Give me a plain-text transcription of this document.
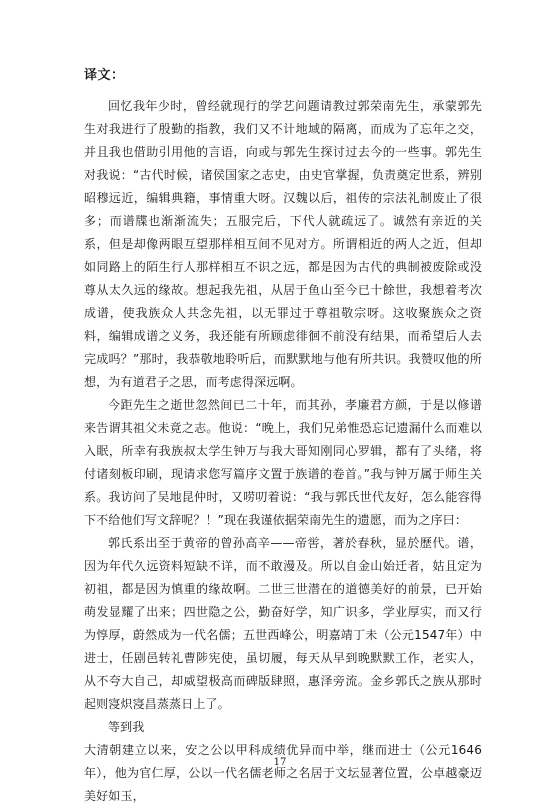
译文：

回忆我年少时，曾经就现行的学艺问题请教过郭荣南先生，承蒙郭先生对我进行了殷勤的指教，我们又不计地域的隔离，而成为了忘年之交，并且我也借助引用他的言语，向或与郭先生探讨过去今的一些事。郭先生对我说：“古代时候，诸侯国家之志史，由史官掌握，负责奠定世系，辨别昭穆远近，编辑典籍，事情重大呀。汉魏以后，祖传的宗法礼制废止了很多；而谱牒也渐渐流失；五服完后，下代人就疏远了。诚然有亲近的关系，但是却像两眼互望那样相互间不见对方。所谓相近的两人之近，但却如同路上的陌生行人那样相互不识之远，都是因为古代的典制被废除或没尊从太久远的缘故。想起我先祖，从居于鱼山至今已十餘世，我想着考次成谱，使我族众人共念先祖，以无罪过于尊祖敬宗呀。这收聚族众之资料，编辑成谱之义务，我还能有所顾虑徘徊不前没有结果，而希望后人去完成吗？”那时，我恭敬地聆听后，而默默地与他有所共识。我赞叹他的所想，为有道君子之思，而考虑得深远啊。

今距先生之逝世忽然间已二十年，而其孙，孝廉君方颜，于是以修谱来告谓其祖父未竟之志。他说：“晚上，我们兄弟惟恐忘记遗漏什么而难以入眠，所幸有我族叔太学生钟万与我大哥知刚同心罗辑，都有了头绪，将付诸刻板印刷，现请求您写篇序文置于族谱的卷首。”我与钟万属于师生关系。我访问了吴地昆仲时，又唠叨着说：“我与郭氏世代友好，怎么能容得下不给他们写文辞呢？！”现在我谨依据荣南先生的遗愿，而为之序曰：

郭氏系出至于黄帝的曾孙高辛——帝喾，著於春秋，显於歷代。谱，因为年代久远资料短缺不详，而不敢漫及。所以自金山始迁者，姑且定为初祖，都是因为慎重的缘故啊。二世三世潜在的道德美好的前景，已开始萌发显耀了出来；四世隐之公，勤奋好学，知广识多，学业厚实，而又行为惇厚，蔚然成为一代名儒；五世西峰公，明嘉靖丁未（公元1547年）中进士，任剧邑转礼曹陟宪使，虽切履，每天从早到晚默默工作，老实人，从不夸大自己，却威望极高而碑版肆照，惠泽旁流。金乡郭氏之族从那时起则寖炽寖昌蒸蒸日上了。

等到我

大清朝建立以来，安之公以甲科成绩优异而中举，继而进士（公元1646年），他为官仁厚，公以一代名儒老师之名居于文坛显著位置，公卓越豪迈美好如玉，

17
